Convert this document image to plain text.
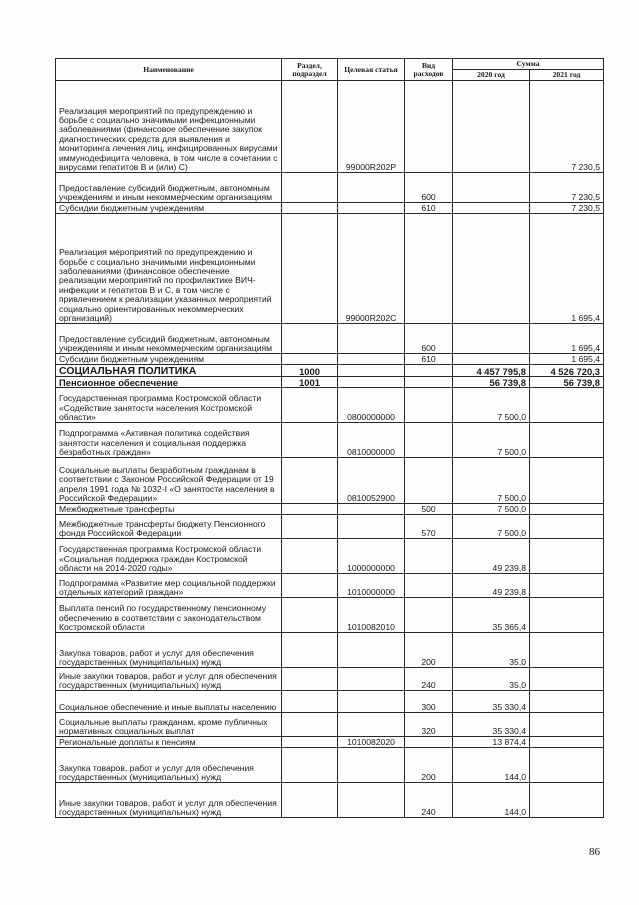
Наименование	Раздел, подраздел	Целевая статья	Вид расходов	Сумма	
				2020 год	2021 год
Реализация мероприятий по предупреждению и борьбе с социально значимыми инфекционными заболеваниями (финансовое обеспечение закупок диагностических средств для выявления и мониторинга лечения лиц, инфицированных вирусами иммунодефицита человека, в том числе в сочетании с вирусами гепатитов В и (или) С)		99000R202P			7 230,5
Предоставление субсидий бюджетным, автономным учреждениям и иным некоммерческим организациям			600		7 230,5
Субсидии бюджетным учреждениям			610		7 230,5
Реализация мероприятий по предупреждению и борьбе с социально значимыми инфекционными заболеваниями (финансовое обеспечение реализации мероприятий по профилактике ВИЧ- инфекции и гепатитов В и С, в том числе с привлечением к реализации указанных мероприятий социально ориентированных некоммерческих организаций)		99000R202C			1 695,4
Предоставление субсидий бюджетным, автономным учреждениям и иным некоммерческим организациям			600		1 695,4
Субсидии бюджетным учреждениям			610		1 695,4
СОЦИАЛЬНАЯ ПОЛИТИКА	1000			4 457 795,8	4 526 720,3
Пенсионное обеспечение	1001			56 739,8	56 739,8
Государственная программа Костромской области «Содействие занятости населения Костромской области»		0800000000		7 500,0	
Подпрограмма «Активная политика содействия занятости населения и социальная поддержка безработных граждан»		0810000000		7 500,0	
Социальные выплаты безработным гражданам в соответствии с Законом Российской Федерации от 19 апреля 1991 года № 1032-I «О занятости населения в Российской Федерации»		0810052900		7 500,0	
Межбюджетные трансферты			500	7 500,0	
Межбюджетные трансферты бюджету Пенсионного фонда Российской Федерации			570	7 500,0	
Государственная программа Костромской области «Социальная поддержка граждан Костромской области на 2014-2020 годы»		1000000000		49 239,8	
Подпрограмма «Развитие мер социальной поддержки отдельных категорий граждан»		1010000000		49 239,8	
Выплата пенсий по государственному пенсионному обеспечению в соответствии с законодательством Костромской области		1010082010		35 365,4	
Закупка товаров, работ и услуг для обеспечения государственных (муниципальных) нужд			200	35,0	
Иные закупки товаров, работ и услуг для обеспечения государственных (муниципальных) нужд			240	35,0	
Социальное обеспечение и иные выплаты населению			300	35 330,4	
Социальные выплаты гражданам, кроме публичных нормативных социальных выплат			320	35 330,4	
Региональные доплаты к пенсиям		1010082020		13 874,4	
Закупка товаров, работ и услуг для обеспечения государственных (муниципальных) нужд			200	144,0	
Иные закупки товаров, работ и услуг для обеспечения государственных (муниципальных) нужд			240	144,0	
86
